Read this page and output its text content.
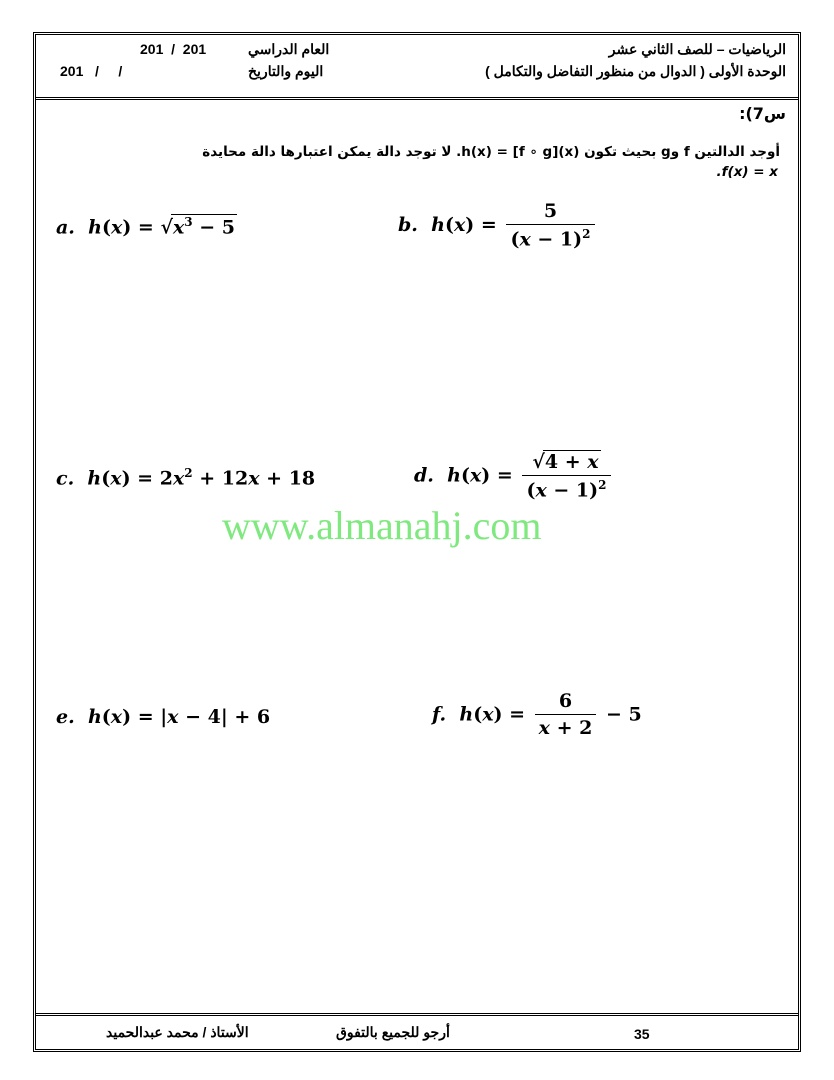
الرياضيات – للصف الثاني عشر
الوحدة الأولى ( الدوال من منظور التفاضل والتكامل )
العام الدراسي
201  /  201
اليوم والتاريخ
201   /     /
س7):
أوجد الدالتين f وg بحيث تكون h(x) = [f ∘ g](x). لا توجد دالة يمكن اعتبارها دالة محايدة
.f(x) = x
a. $h(x) = √x^3 - 5$	b. $h(x) = \frac{5}{(x - 1)^2}$
c. $h(x) = 2x^2 + 12x + 18$	d. $h(x) = \frac{√4 + x}{(x - 1)^2}$
www.almanahj.com
e. h(x) = |x − 4| + 6	f. $h(x) = \frac{6}{x + 2} - 5$
35
أرجو للجميع بالتفوق
الأستاذ / محمد عبدالحميد
